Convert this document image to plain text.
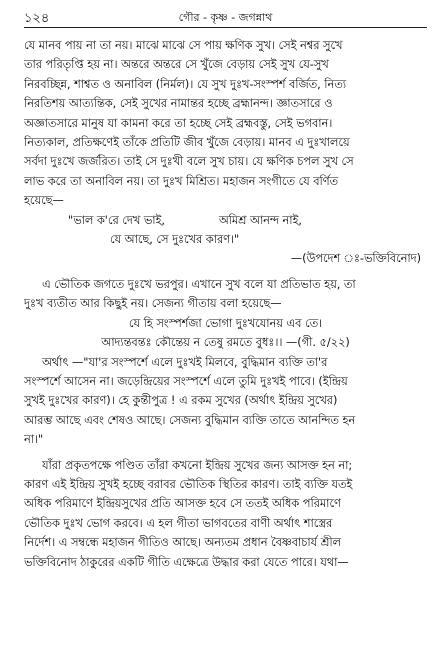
১২৪	গৌর - কৃষ্ণ - জগন্নাথ

যে মানব পায় না তা নয়। মাঝে মাঝে সে পায় ক্ষণিক সুখ। সেই নশ্বর সুখে
তার পরিতৃপ্তি হয় না। অন্তরে অন্তরে সে খুঁজে বেড়ায় সেই সুখ যে-সুখ
নিরবচ্ছিন্ন, শাশ্বত ও অনাবিল (নির্মল)। যে সুখ দুঃখ-সংস্পর্শ বর্জিত, নিত্য
নিরতিশয় আত্যন্তিক, সেই সুখের নামান্তর হচ্ছে ব্রহ্মানন্দ। জ্ঞাতসারে ও
অজ্ঞাতসারে মানুষ যা কামনা করে তা হচ্ছে সেই ব্রহ্মবস্তু, সেই ভগবান।
নিত্যকাল, প্রতিক্ষণেই তাঁকে প্রতিটি জীব খুঁজে বেড়ায়। মানব এ দুঃখালয়ে
সর্বদা দুঃখে জর্জরিত। তাই সে দুঃখী বলে সুখ চায়। যে ক্ষণিক চপল সুখ সে
লাভ করে তা অনাবিল নয়। তা দুঃখ মিশ্রিত। মহাজন সংগীতে যে বর্ণিত
হয়েছে—

"ভাল ক'রে দেখ ভাই,               অমিশ্র আনন্দ নাই,
যে আছে, সে দুঃখের কারণ।"
—(উপদেশ ঃ-ভক্তিবিনোদ)

এ ভৌতিক জগতে দুঃখে ভরপুর। এখানে সুখ বলে যা প্রতিভাত হয়, তা
দুঃখ ব্যতীত আর কিছুই নয়। সেজন্য গীতায় বলা হয়েছে—

যে হি সংস্পর্শজা ভোগা দুঃখযোনয় এব তে।
আদ্যন্তবন্তঃ কৌন্তেয় ন তেষু রমতে বুধঃ।। —(গী. ৫/২২)

অর্থাৎ —"যা'র সংস্পর্শে এলে দুঃখই মিলবে, বুদ্ধিমান ব্যক্তি তা'র
সংস্পর্শে আসেন না। জড়েন্দ্রিয়ের সংস্পর্শে এলে তুমি দুঃখই পাবে। (ইন্দ্রিয়
সুখই দুঃখের কারণ)। হে কুন্তীপুত্র ! এ রকম সুখের (অর্থাৎ ইন্দ্রিয় সুখের)
আরম্ভ আছে এবং শেষও আছে। সেজন্য বুদ্ধিমান ব্যক্তি তাতে আনন্দিত হন
না।"

যাঁরা প্রকৃতপক্ষে পণ্ডিত তাঁরা কখনো ইন্দ্রিয় সুখের জন্য আসক্ত হন না;
কারণ এই ইন্দ্রিয় সুখই হচ্ছে বরাবর ভৌতিক স্থিতির কারণ। তাই ব্যক্তি যতই
অধিক পরিমাণে ইন্দ্রিয়সুখের প্রতি আসক্ত হবে সে ততই অধিক পরিমাণে
ভৌতিক দুঃখ ভোগ করবে। এ হল গীতা ভাগবতের বাণী অর্থাৎ শাস্ত্রের
নির্দেশ। এ সম্বন্ধে মহাজন গীতিও আছে। অন্যতম প্রধান বৈষ্ণবাচার্য শ্রীল
ভক্তিবিনোদ ঠাকুরের একটি গীতি এক্ষেত্রে উদ্ধার করা যেতে পারে। যথা—
